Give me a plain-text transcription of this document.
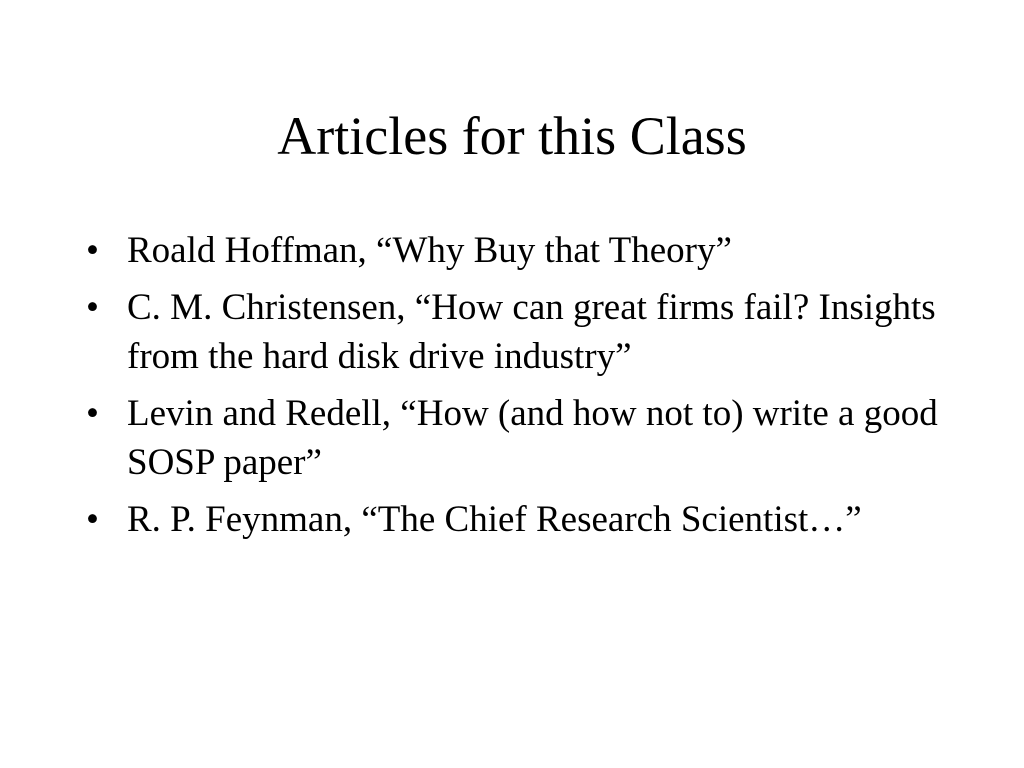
Articles for this Class
• Roald Hoffman, “Why Buy that Theory”
• C. M. Christensen, “How can great firms fail? Insights from the hard disk drive industry”
• Levin and Redell, “How (and how not to) write a good SOSP paper”
• R. P. Feynman, “The Chief Research Scientist…”
